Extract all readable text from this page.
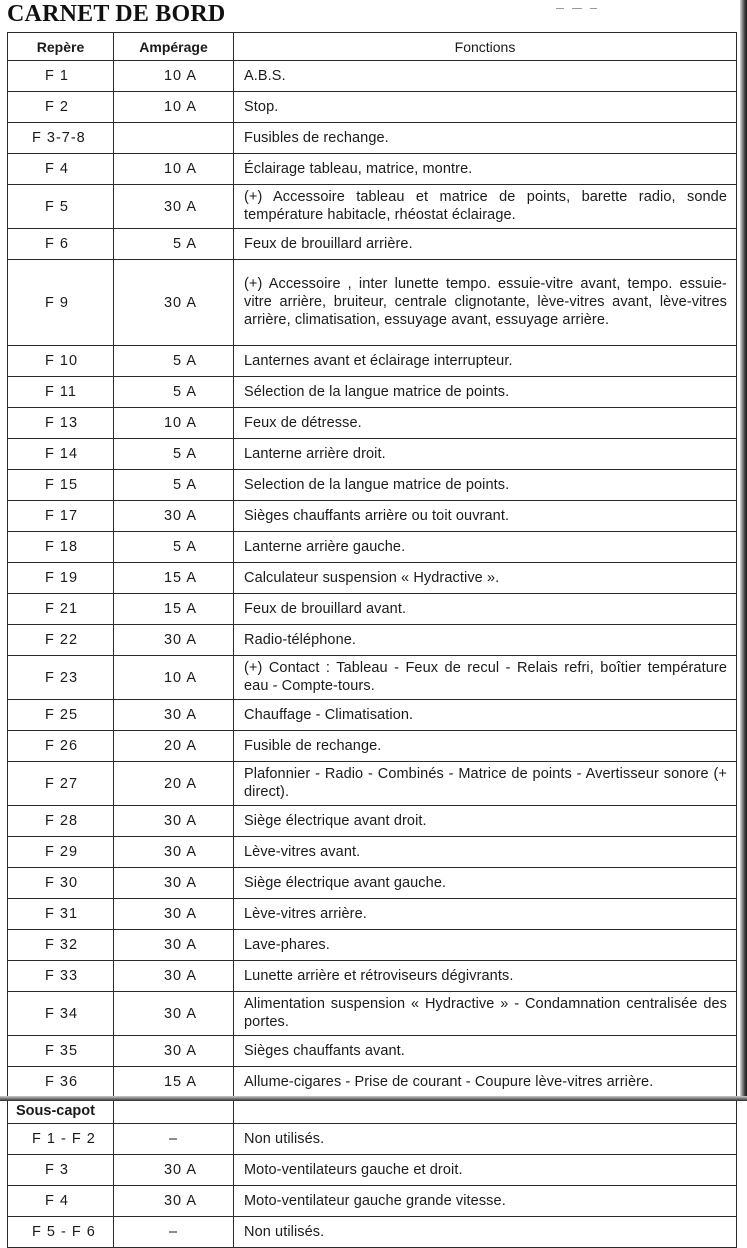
CARNET DE BORD
Repère	Ampérage	Fonctions
F 1	10 A	A.B.S.
F 2	10 A	Stop.
F 3-7-8		Fusibles de rechange.
F 4	10 A	Éclairage tableau, matrice, montre.
F 5	30 A	(+) Accessoire tableau et matrice de points, barette radio, sonde température habitacle, rhéostat éclairage.
F 6	5 A	Feux de brouillard arrière.
F 9	30 A	(+) Accessoire , inter lunette tempo. essuie-vitre avant, tempo. essuie-vitre arrière, bruiteur, centrale clignotante, lève-vitres avant, lève-vitres arrière, climatisation, essuyage avant, essuyage arrière.
F 10	5 A	Lanternes avant et éclairage interrupteur.
F 11	5 A	Sélection de la langue matrice de points.
F 13	10 A	Feux de détresse.
F 14	5 A	Lanterne arrière droit.
F 15	5 A	Selection de la langue matrice de points.
F 17	30 A	Sièges chauffants arrière ou toit ouvrant.
F 18	5 A	Lanterne arrière gauche.
F 19	15 A	Calculateur suspension « Hydractive ».
F 21	15 A	Feux de brouillard avant.
F 22	30 A	Radio-téléphone.
F 23	10 A	(+) Contact : Tableau - Feux de recul - Relais refri, boîtier température eau - Compte-tours.
F 25	30 A	Chauffage - Climatisation.
F 26	20 A	Fusible de rechange.
F 27	20 A	Plafonnier - Radio - Combinés - Matrice de points - Avertisseur sonore (+ direct).
F 28	30 A	Siège électrique avant droit.
F 29	30 A	Lève-vitres avant.
F 30	30 A	Siège électrique avant gauche.
F 31	30 A	Lève-vitres arrière.
F 32	30 A	Lave-phares.
F 33	30 A	Lunette arrière et rétroviseurs dégivrants.
F 34	30 A	Alimentation suspension « Hydractive » - Condamnation centralisée des portes.
F 35	30 A	Sièges chauffants avant.
F 36	15 A	Allume-cigares - Prise de courant - Coupure lève-vitres arrière.
Sous-capot		
F 1 - F 2	–	Non utilisés.
F 3	30 A	Moto-ventilateurs gauche et droit.
F 4	30 A	Moto-ventilateur gauche grande vitesse.
F 5 - F 6	–	Non utilisés.
